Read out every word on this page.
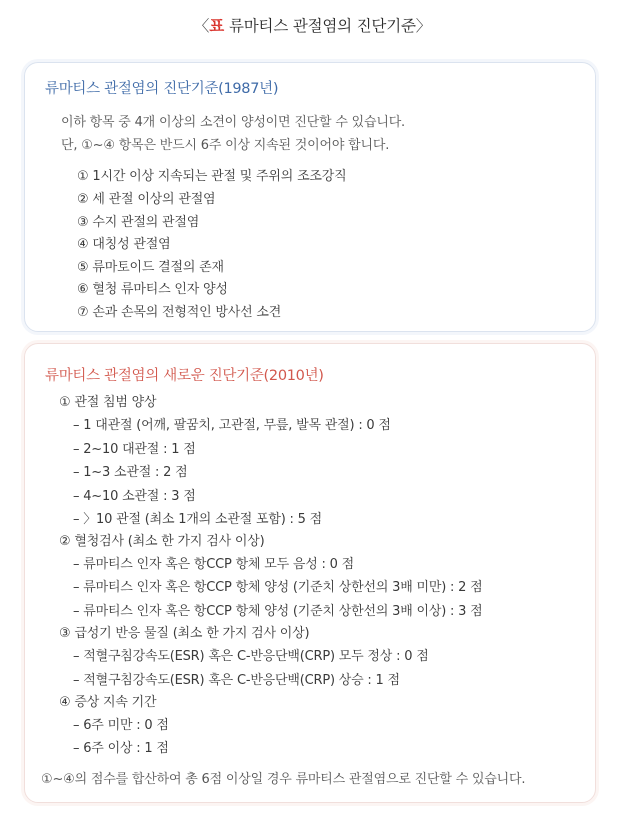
〈표 류마티스 관절염의 진단기준〉
류마티스 관절염의 진단기준(1987년)
이하 항목 중 4개 이상의 소견이 양성이면 진단할 수 있습니다.
단, ①~④ 항목은 반드시 6주 이상 지속된 것이어야 합니다.
① 1시간 이상 지속되는 관절 및 주위의 조조강직
② 세 관절 이상의 관절염
③ 수지 관절의 관절염
④ 대칭성 관절염
⑤ 류마토이드 결절의 존재
⑥ 혈청 류마티스 인자 양성
⑦ 손과 손목의 전형적인 방사선 소견
류마티스 관절염의 새로운 진단기준(2010년)
① 관절 침범 양상
– 1 대관절 (어깨, 팔꿈치, 고관절, 무릎, 발목 관절) : 0 점
– 2~10 대관절 : 1 점
– 1~3 소관절 : 2 점
– 4~10 소관절 : 3 점
– 〉10 관절 (최소 1개의 소관절 포함) : 5 점
② 혈청검사 (최소 한 가지 검사 이상)
– 류마티스 인자 혹은 항CCP 항체 모두 음성 : 0 점
– 류마티스 인자 혹은 항CCP 항체 양성 (기준치 상한선의 3배 미만) : 2 점
– 류마티스 인자 혹은 항CCP 항체 양성 (기준치 상한선의 3배 이상) : 3 점
③ 급성기 반응 물질 (최소 한 가지 검사 이상)
– 적혈구침강속도(ESR) 혹은 C-반응단백(CRP) 모두 정상 : 0 점
– 적혈구침강속도(ESR) 혹은 C-반응단백(CRP) 상승 : 1 점
④ 증상 지속 기간
– 6주 미만 : 0 점
– 6주 이상 : 1 점
①~④의 점수를 합산하여 총 6점 이상일 경우 류마티스 관절염으로 진단할 수 있습니다.
